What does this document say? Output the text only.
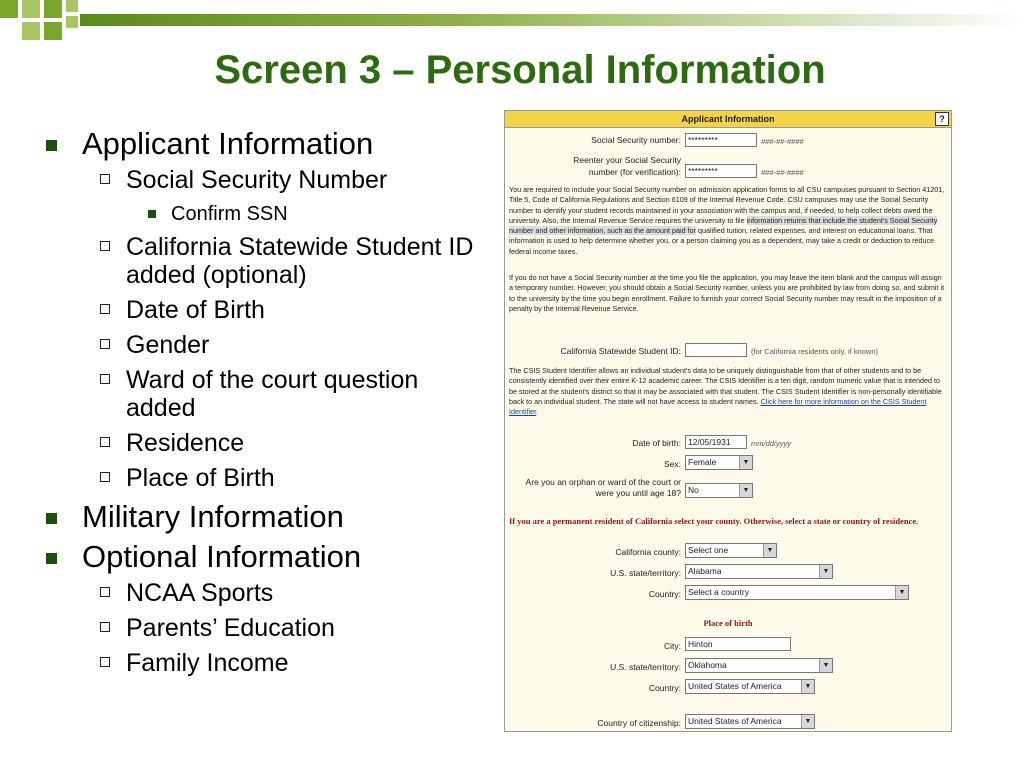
Screen 3 – Personal Information
Applicant Information
Social Security Number
Confirm SSN
California Statewide Student ID added (optional)
Date of Birth
Gender
Ward of the court question added
Residence
Place of Birth
Military Information
Optional Information
NCAA Sports
Parents’ Education
Family Income
Applicant Information	?
Social Security number: *********	###-##-####
Reenter your Social Security
number (for verification): *********	###-##-####
You are required to include your Social Security number on admission application forms to all CSU campuses pursuant to Section 41201, Title 5, Code of California Regulations and Section 6109 of the Internal Revenue Code. CSU campuses may use the Social Security number to identify your student records maintained in your association with the campus and, if needed, to help collect debts owed the university. Also, the Internal Revenue Service requires the university to file information returns that include the student's Social Security number and other information, such as the amount paid for qualified tuition, related expenses, and interest on educational loans. That information is used to help determine whether you, or a person claiming you as a dependent, may take a credit or deduction to reduce federal income taxes.
If you do not have a Social Security number at the time you file the application, you may leave the item blank and the campus will assign a temporary number. However, you should obtain a Social Security number, unless you are prohibited by law from doing so, and submit it to the university by the time you begin enrollment. Failure to furnish your correct Social Security number may result in the imposition of a penalty by the Internal Revenue Service.
California Statewide Student ID:	(for California residents only, if known)
The CSIS Student Identifier allows an individual student's data to be uniquely distinguishable from that of other students and to be consistently identified over their entire K-12 academic career. The CSIS Identifier is a ten digit, random numeric value that is intended to be stored at the student's district so that it may be associated with that student. The CSIS Student Identifier is non-personally identifiable back to an individual student. The state will not have access to student names. Click here for more information on the CSIS Student Identifier.
Date of birth: 12/05/1931	mm/dd/yyyy
Sex: Female	▼
Are you an orphan or ward of the court or
were you until age 18? No	▼
If you are a permanent resident of California select your county. Otherwise, select a state or country of residence.
California county: Select one	▼
U.S. state/territory: Alabama	▼
Country: Select a country	▼
Place of birth
City: Hinton
U.S. state/territory: Oklahoma	▼
Country: United States of America	▼
Country of citizenship: United States of America	▼
